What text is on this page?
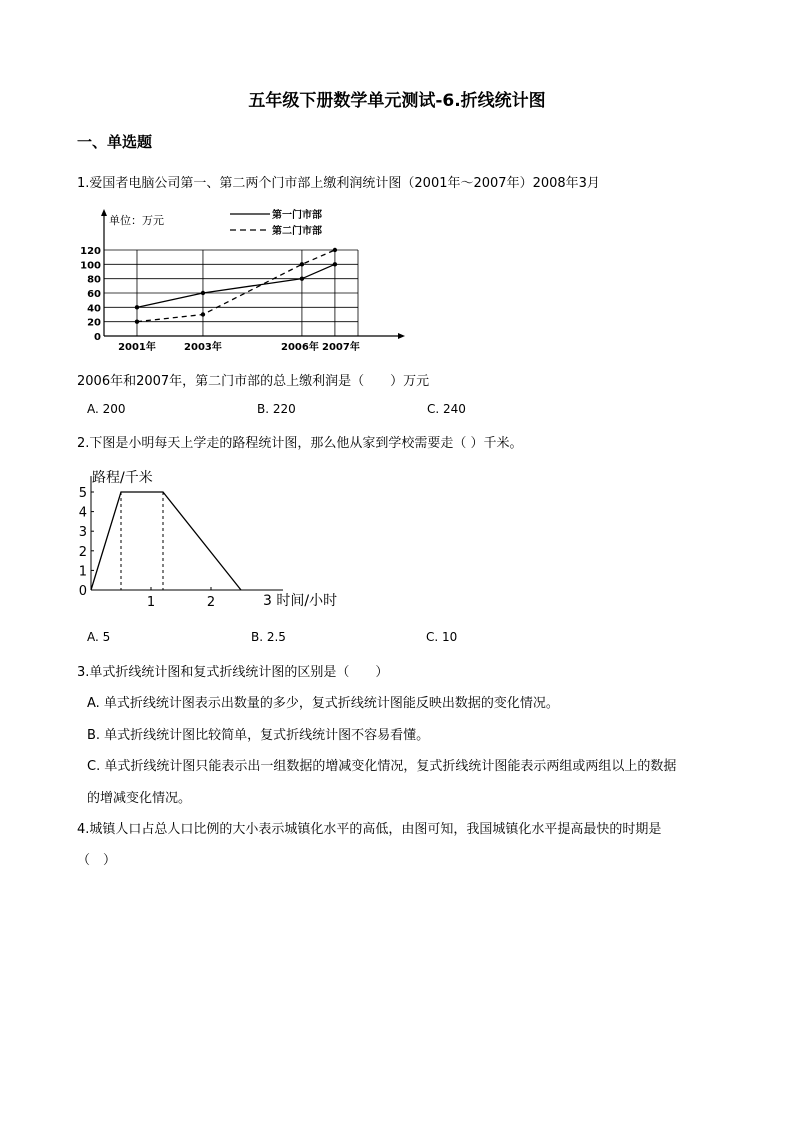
五年级下册数学单元测试-6.折线统计图
一、单选题
1.爱国者电脑公司第一、第二两个门市部上缴利润统计图（2001年～2007年）2008年3月
0
20
40
60
80
100
120
2001年	2003年	2006年 2007年
单位：万元	第一门市部
第二门市部
2006年和2007年，第二门市部的总上缴利润是（　　）万元
A. 200	B. 220	C. 240
2.下图是小明每天上学走的路程统计图，那么他从家到学校需要走（ ）千米。
0
1
2
3
4
5
1	2
路程/千米
3 时间/小时
A. 5	B. 2.5	C. 10
3.单式折线统计图和复式折线统计图的区别是（　　）
A. 单式折线统计图表示出数量的多少，复式折线统计图能反映出数据的变化情况。
B. 单式折线统计图比较简单，复式折线统计图不容易看懂。
C. 单式折线统计图只能表示出一组数据的增减变化情况，复式折线统计图能表示两组或两组以上的数据
的增减变化情况。
4.城镇人口占总人口比例的大小表示城镇化水平的高低，由图可知，我国城镇化水平提高最快的时期是
（　）
